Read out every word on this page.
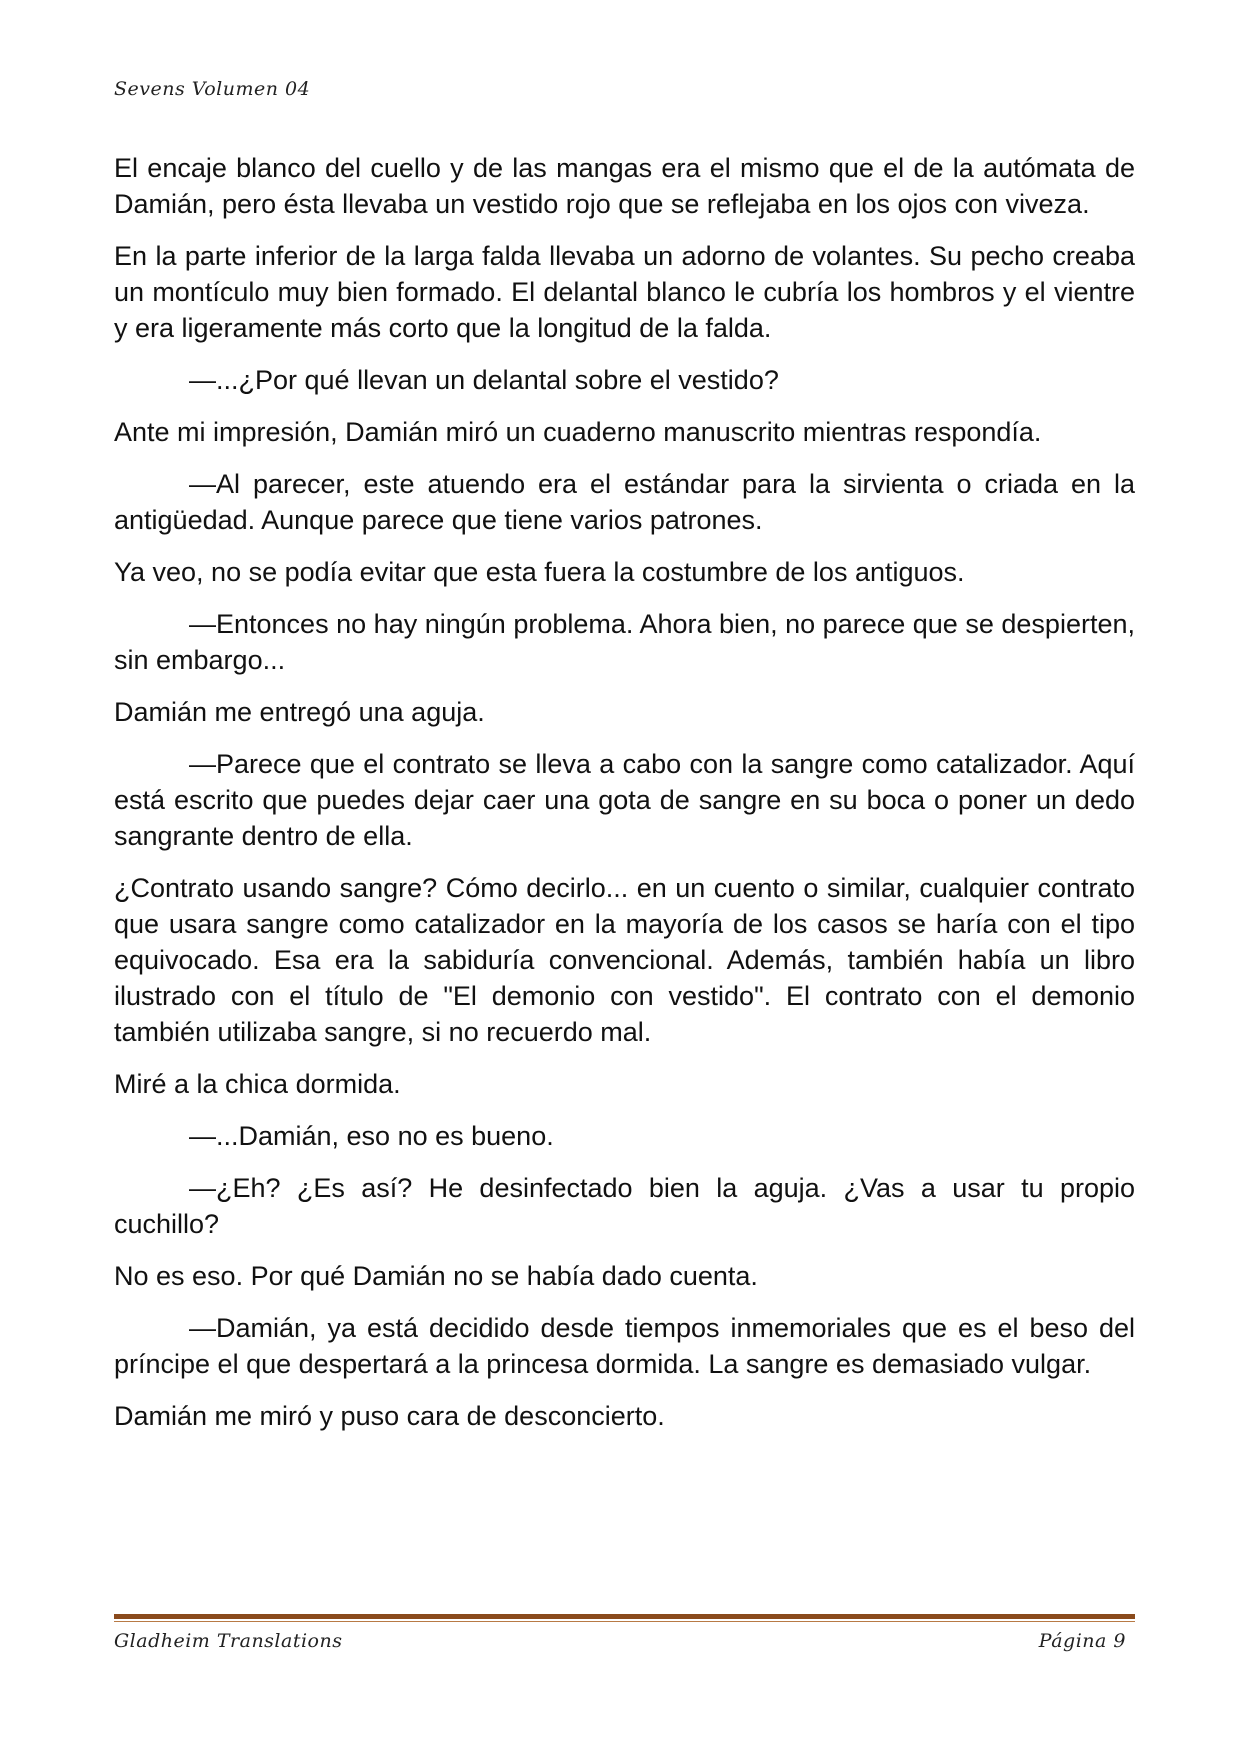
Sevens Volumen 04

El encaje blanco del cuello y de las mangas era el mismo que el de la autómata de Damián, pero ésta llevaba un vestido rojo que se reflejaba en los ojos con viveza.

En la parte inferior de la larga falda llevaba un adorno de volantes. Su pecho creaba un montículo muy bien formado. El delantal blanco le cubría los hombros y el vientre y era ligeramente más corto que la longitud de la falda.

—...¿Por qué llevan un delantal sobre el vestido?

Ante mi impresión, Damián miró un cuaderno manuscrito mientras respondía.

—Al parecer, este atuendo era el estándar para la sirvienta o criada en la antigüedad. Aunque parece que tiene varios patrones.

Ya veo, no se podía evitar que esta fuera la costumbre de los antiguos.

—Entonces no hay ningún problema. Ahora bien, no parece que se despierten, sin embargo...

Damián me entregó una aguja.

—Parece que el contrato se lleva a cabo con la sangre como catalizador. Aquí está escrito que puedes dejar caer una gota de sangre en su boca o poner un dedo sangrante dentro de ella.

¿Contrato usando sangre? Cómo decirlo... en un cuento o similar, cualquier contrato que usara sangre como catalizador en la mayoría de los casos se haría con el tipo equivocado. Esa era la sabiduría convencional. Además, también había un libro ilustrado con el título de "El demonio con vestido". El contrato con el demonio también utilizaba sangre, si no recuerdo mal.

Miré a la chica dormida.

—...Damián, eso no es bueno.

—¿Eh? ¿Es así? He desinfectado bien la aguja. ¿Vas a usar tu propio cuchillo?

No es eso. Por qué Damián no se había dado cuenta.

—Damián, ya está decidido desde tiempos inmemoriales que es el beso del príncipe el que despertará a la princesa dormida. La sangre es demasiado vulgar.

Damián me miró y puso cara de desconcierto.

Gladheim Translations	Página 9
